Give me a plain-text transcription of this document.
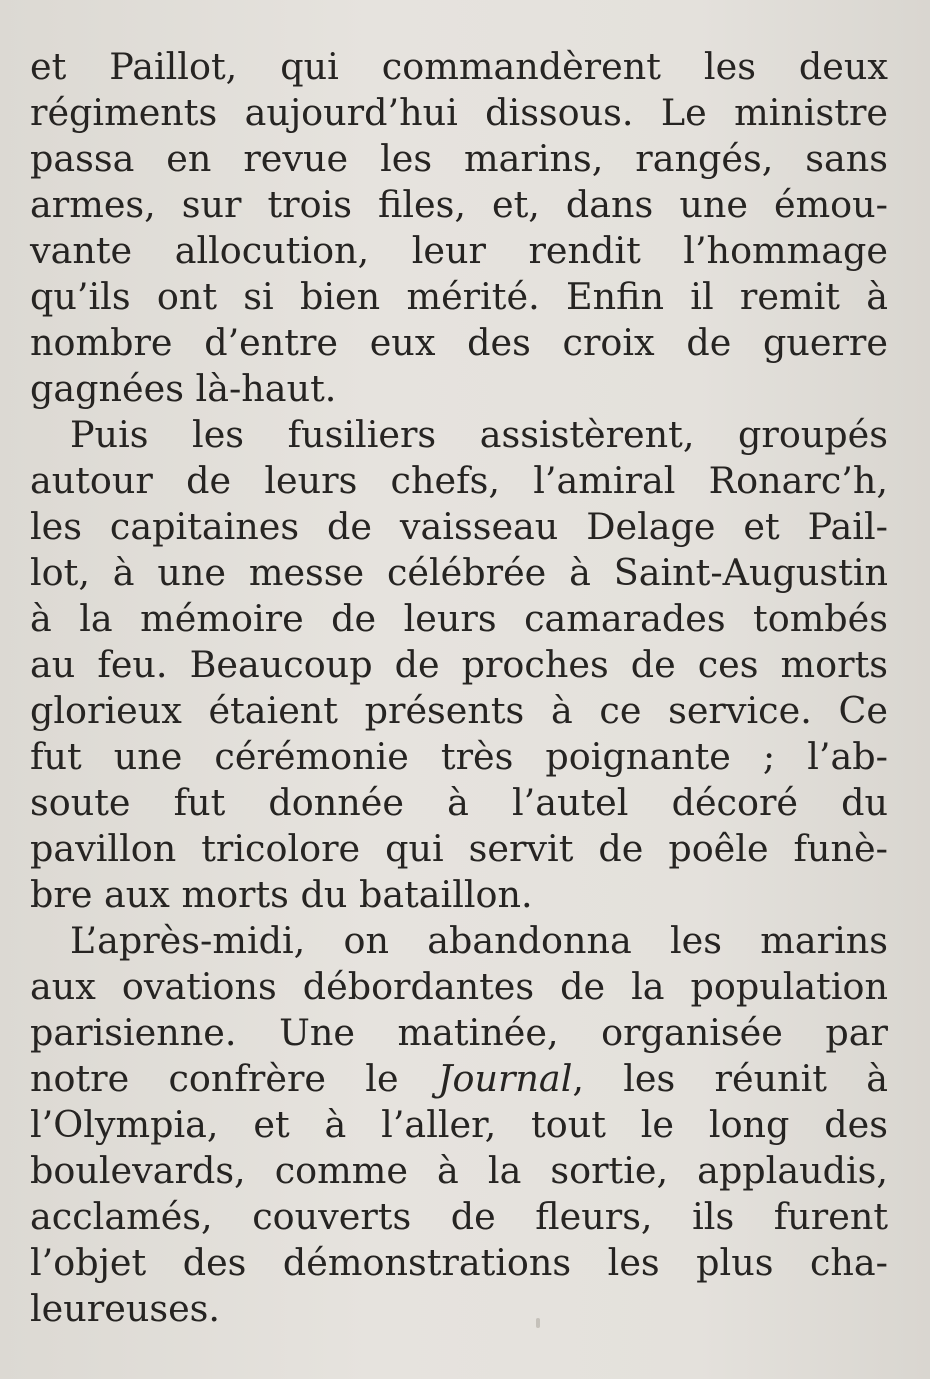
et Paillot, qui commandèrent les deux
régiments aujourd’hui dissous. Le ministre
passa en revue les marins, rangés, sans
armes, sur trois files, et, dans une émou-
vante allocution, leur rendit l’hommage
qu’ils ont si bien mérité. Enfin il remit à
nombre d’entre eux des croix de guerre
gagnées là-haut.
Puis les fusiliers assistèrent, groupés
autour de leurs chefs, l’amiral Ronarc’h,
les capitaines de vaisseau Delage et Pail-
lot, à une messe célébrée à Saint-Augustin
à la mémoire de leurs camarades tombés
au feu. Beaucoup de proches de ces morts
glorieux étaient présents à ce service. Ce
fut une cérémonie très poignante ; l’ab-
soute fut donnée à l’autel décoré du
pavillon tricolore qui servit de poêle funè-
bre aux morts du bataillon.
L’après-midi, on abandonna les marins
aux ovations débordantes de la population
parisienne. Une matinée, organisée par
notre confrère le Journal, les réunit à
l’Olympia, et à l’aller, tout le long des
boulevards, comme à la sortie, applaudis,
acclamés, couverts de fleurs, ils furent
l’objet des démonstrations les plus cha-
leureuses.
